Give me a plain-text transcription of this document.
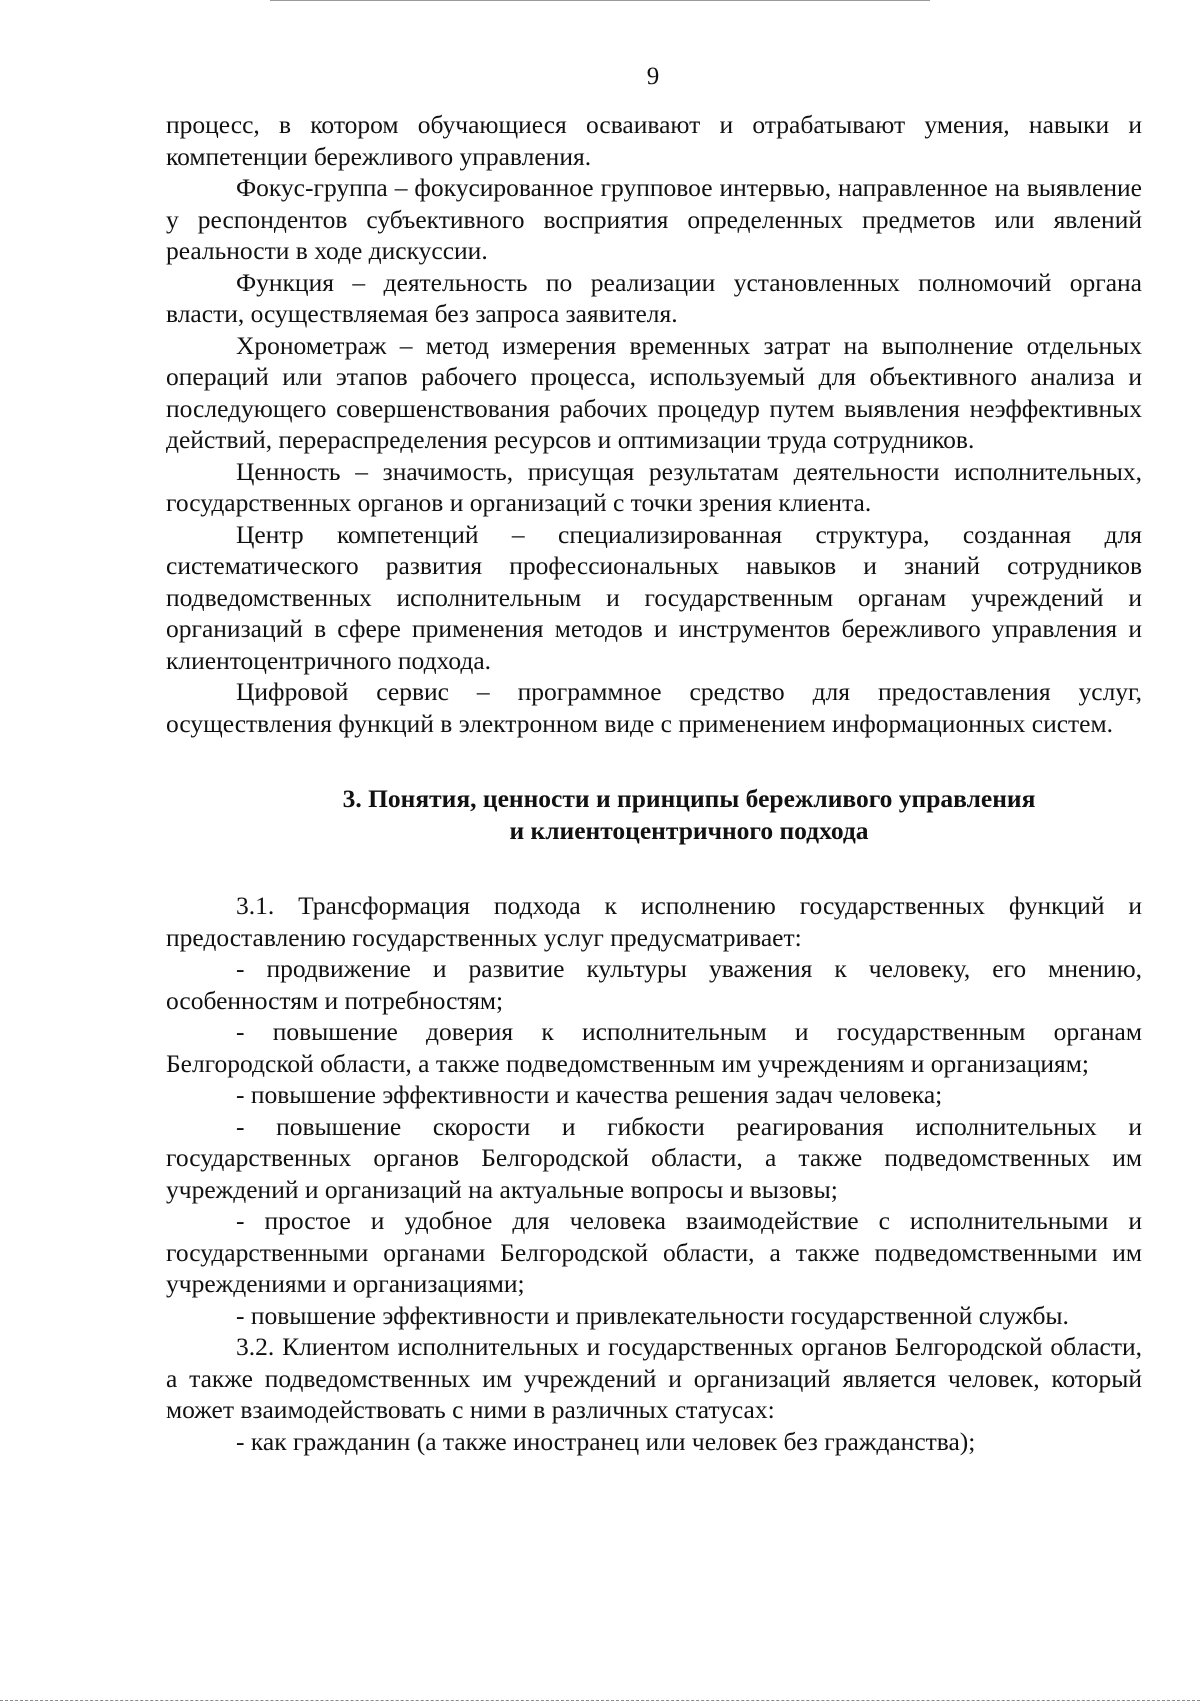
9

процесс, в котором обучающиеся осваивают и отрабатывают умения, навыки и компетенции бережливого управления.

Фокус-группа – фокусированное групповое интервью, направленное на выявление у респондентов субъективного восприятия определенных предметов или явлений реальности в ходе дискуссии.

Функция – деятельность по реализации установленных полномочий органа власти, осуществляемая без запроса заявителя.

Хронометраж – метод измерения временных затрат на выполнение отдельных операций или этапов рабочего процесса, используемый для объективного анализа и последующего совершенствования рабочих процедур путем выявления неэффективных действий, перераспределения ресурсов и оптимизации труда сотрудников.

Ценность – значимость, присущая результатам деятельности исполнительных, государственных органов и организаций с точки зрения клиента.

Центр компетенций – специализированная структура, созданная для систематического развития профессиональных навыков и знаний сотрудников подведомственных исполнительным и государственным органам учреждений и организаций в сфере применения методов и инструментов бережливого управления и клиентоцентричного подхода.

Цифровой сервис – программное средство для предоставления услуг, осуществления функций в электронном виде с применением информационных систем.

3. Понятия, ценности и принципы бережливого управления
и клиентоцентричного подхода

3.1. Трансформация подхода к исполнению государственных функций и предоставлению государственных услуг предусматривает:

- продвижение и развитие культуры уважения к человеку, его мнению, особенностям и потребностям;

- повышение доверия к исполнительным и государственным органам Белгородской области, а также подведомственным им учреждениям и организациям;

- повышение эффективности и качества решения задач человека;

- повышение скорости и гибкости реагирования исполнительных и государственных органов Белгородской области, а также подведомственных им учреждений и организаций на актуальные вопросы и вызовы;

- простое и удобное для человека взаимодействие с исполнительными и государственными органами Белгородской области, а также подведомственными им учреждениями и организациями;

- повышение эффективности и привлекательности государственной службы.

3.2. Клиентом исполнительных и государственных органов Белгородской области, а также подведомственных им учреждений и организаций является человек, который может взаимодействовать с ними в различных статусах:

- как гражданин (а также иностранец или человек без гражданства);
